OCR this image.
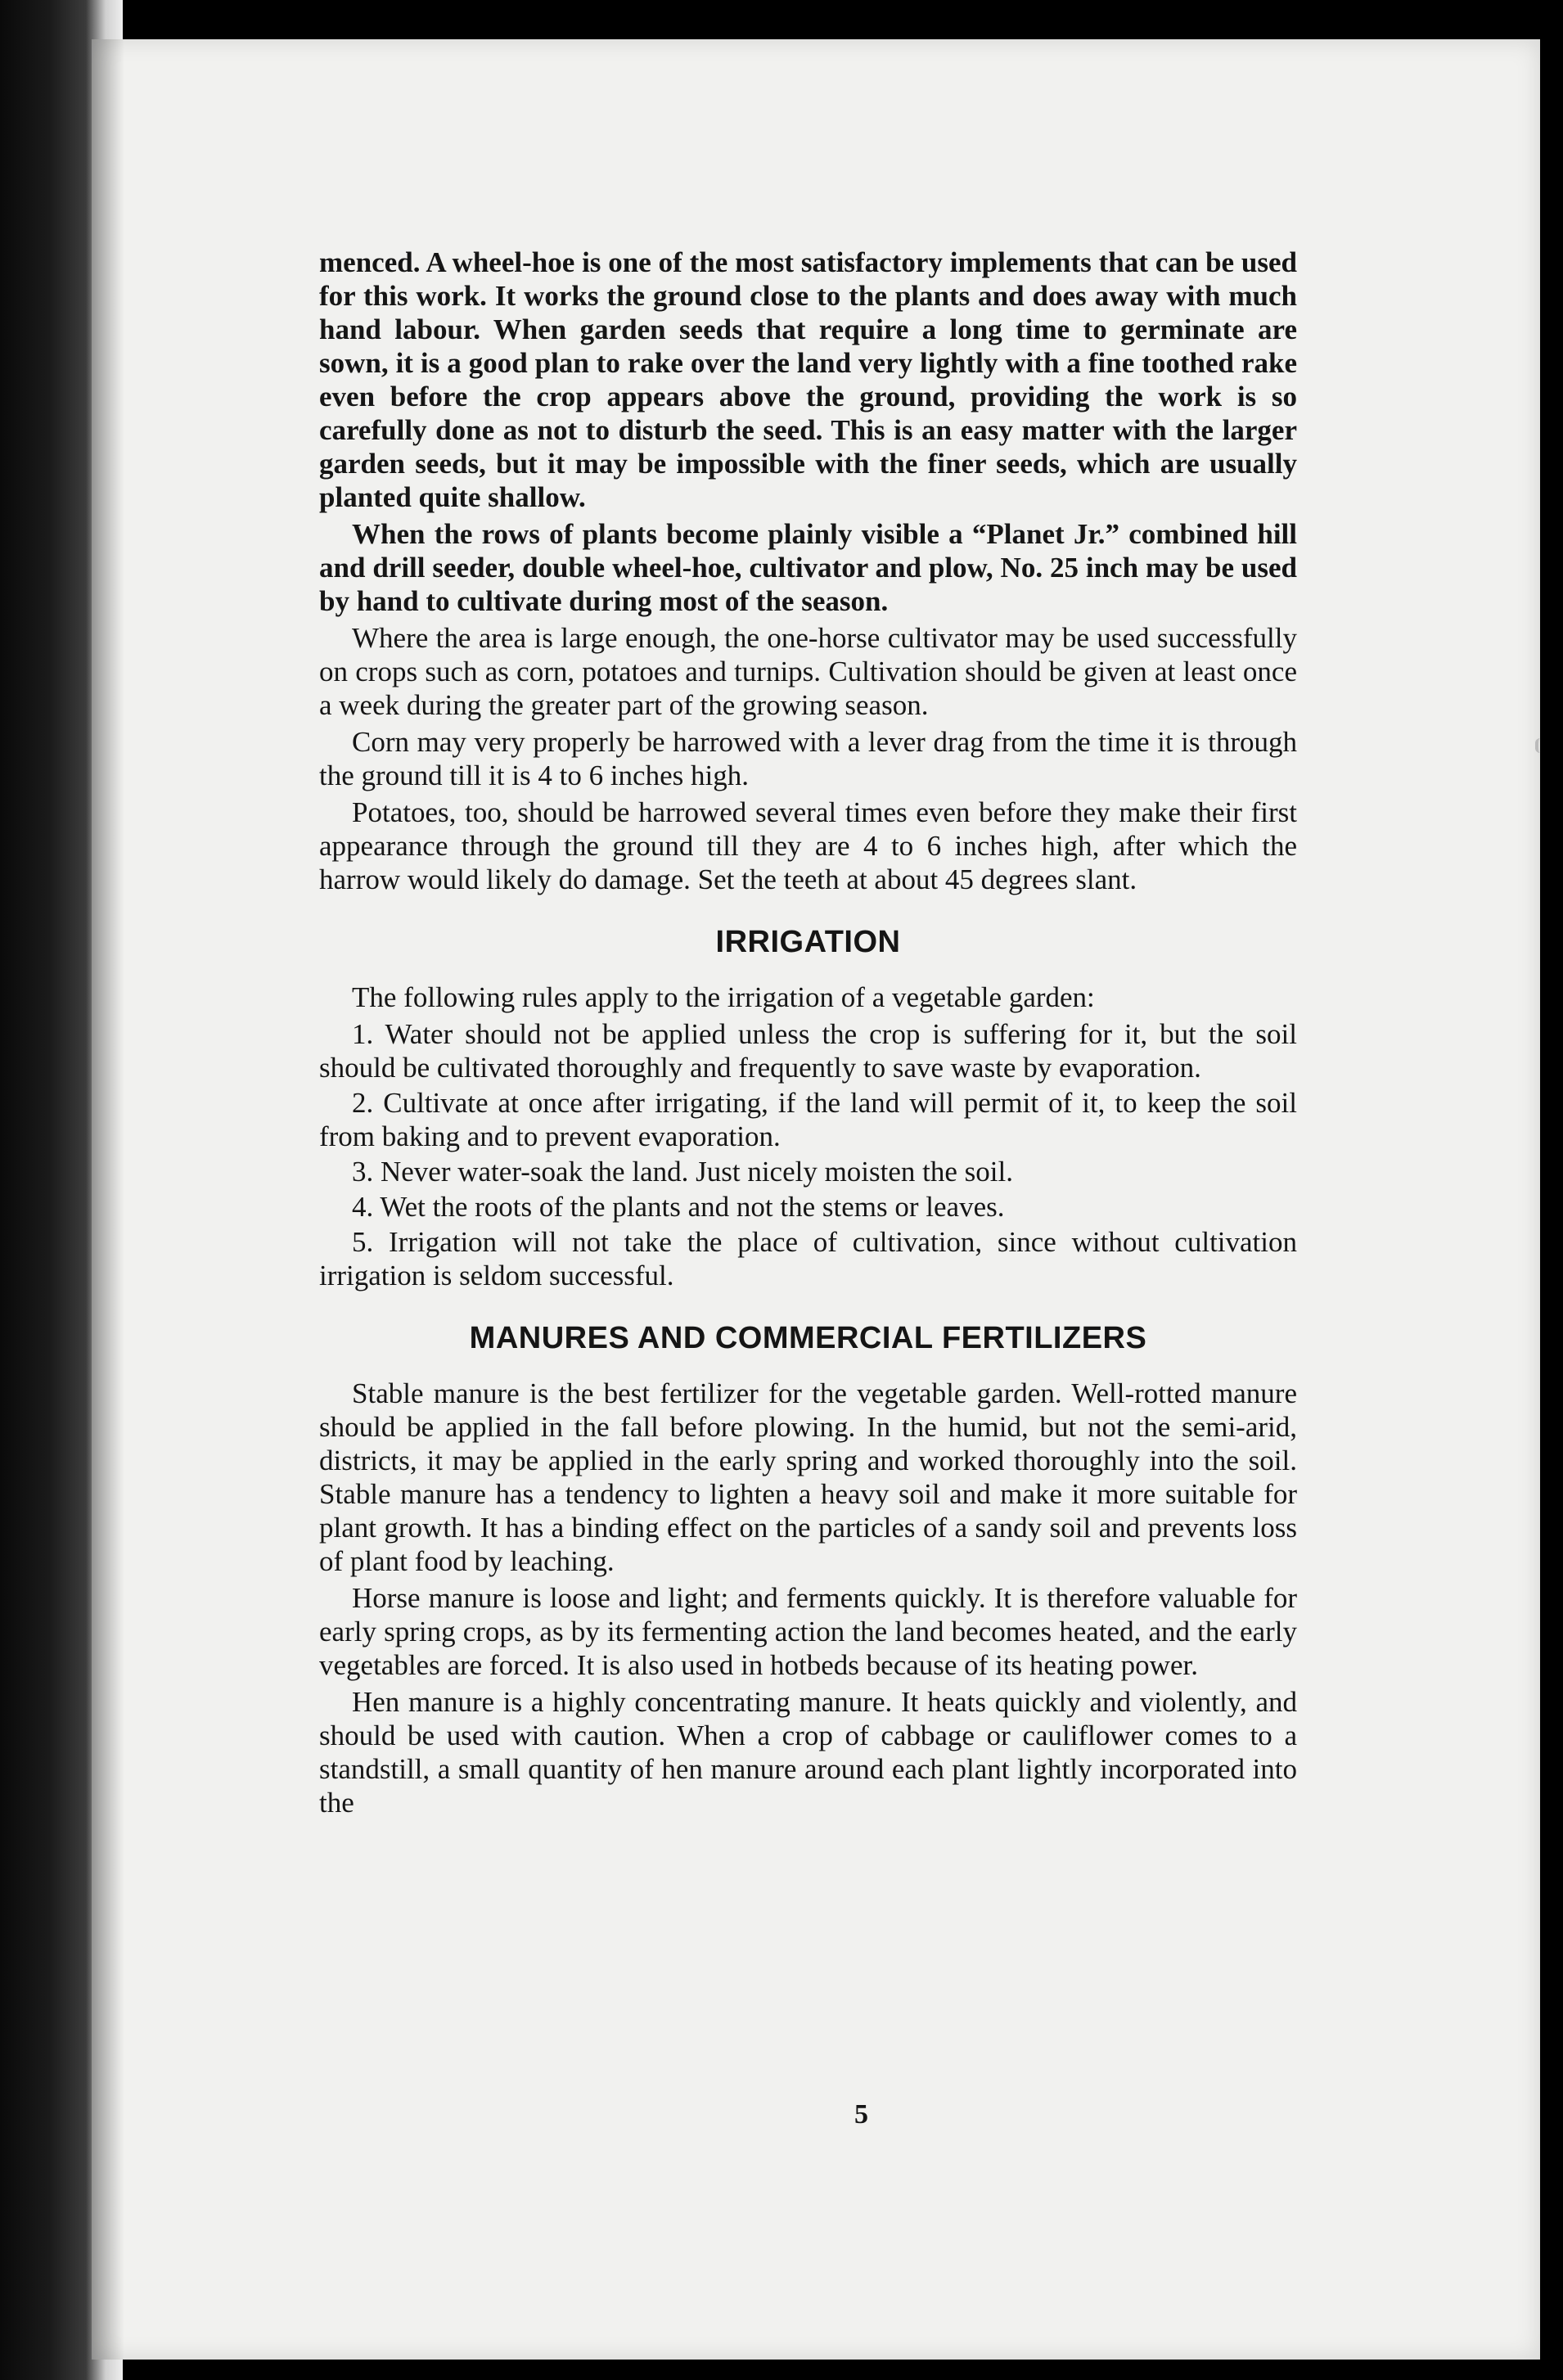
menced. A wheel-hoe is one of the most satisfactory implements that can be used for this work. It works the ground close to the plants and does away with much hand labour. When garden seeds that require a long time to germinate are sown, it is a good plan to rake over the land very lightly with a fine toothed rake even before the crop appears above the ground, providing the work is so carefully done as not to disturb the seed. This is an easy matter with the larger garden seeds, but it may be impossible with the finer seeds, which are usually planted quite shallow.

When the rows of plants become plainly visible a “Planet Jr.” combined hill and drill seeder, double wheel-hoe, cultivator and plow, No. 25 inch may be used by hand to cultivate during most of the season.

Where the area is large enough, the one-horse cultivator may be used successfully on crops such as corn, potatoes and turnips. Cultivation should be given at least once a week during the greater part of the growing season.

Corn may very properly be harrowed with a lever drag from the time it is through the ground till it is 4 to 6 inches high.

Potatoes, too, should be harrowed several times even before they make their first appearance through the ground till they are 4 to 6 inches high, after which the harrow would likely do damage. Set the teeth at about 45 degrees slant.

IRRIGATION

The following rules apply to the irrigation of a vegetable garden:

1. Water should not be applied unless the crop is suffering for it, but the soil should be cultivated thoroughly and frequently to save waste by evaporation.

2. Cultivate at once after irrigating, if the land will permit of it, to keep the soil from baking and to prevent evaporation.

3. Never water-soak the land. Just nicely moisten the soil.

4. Wet the roots of the plants and not the stems or leaves.

5. Irrigation will not take the place of cultivation, since without cultivation irrigation is seldom successful.

MANURES AND COMMERCIAL FERTILIZERS

Stable manure is the best fertilizer for the vegetable garden. Well-rotted manure should be applied in the fall before plowing. In the humid, but not the semi-arid, districts, it may be applied in the early spring and worked thoroughly into the soil. Stable manure has a tendency to lighten a heavy soil and make it more suitable for plant growth. It has a binding effect on the particles of a sandy soil and prevents loss of plant food by leaching.

Horse manure is loose and light; and ferments quickly. It is therefore valuable for early spring crops, as by its fermenting action the land becomes heated, and the early vegetables are forced. It is also used in hotbeds because of its heating power.

Hen manure is a highly concentrating manure. It heats quickly and violently, and should be used with caution. When a crop of cabbage or cauliflower comes to a standstill, a small quantity of hen manure around each plant lightly incorporated into the

5
